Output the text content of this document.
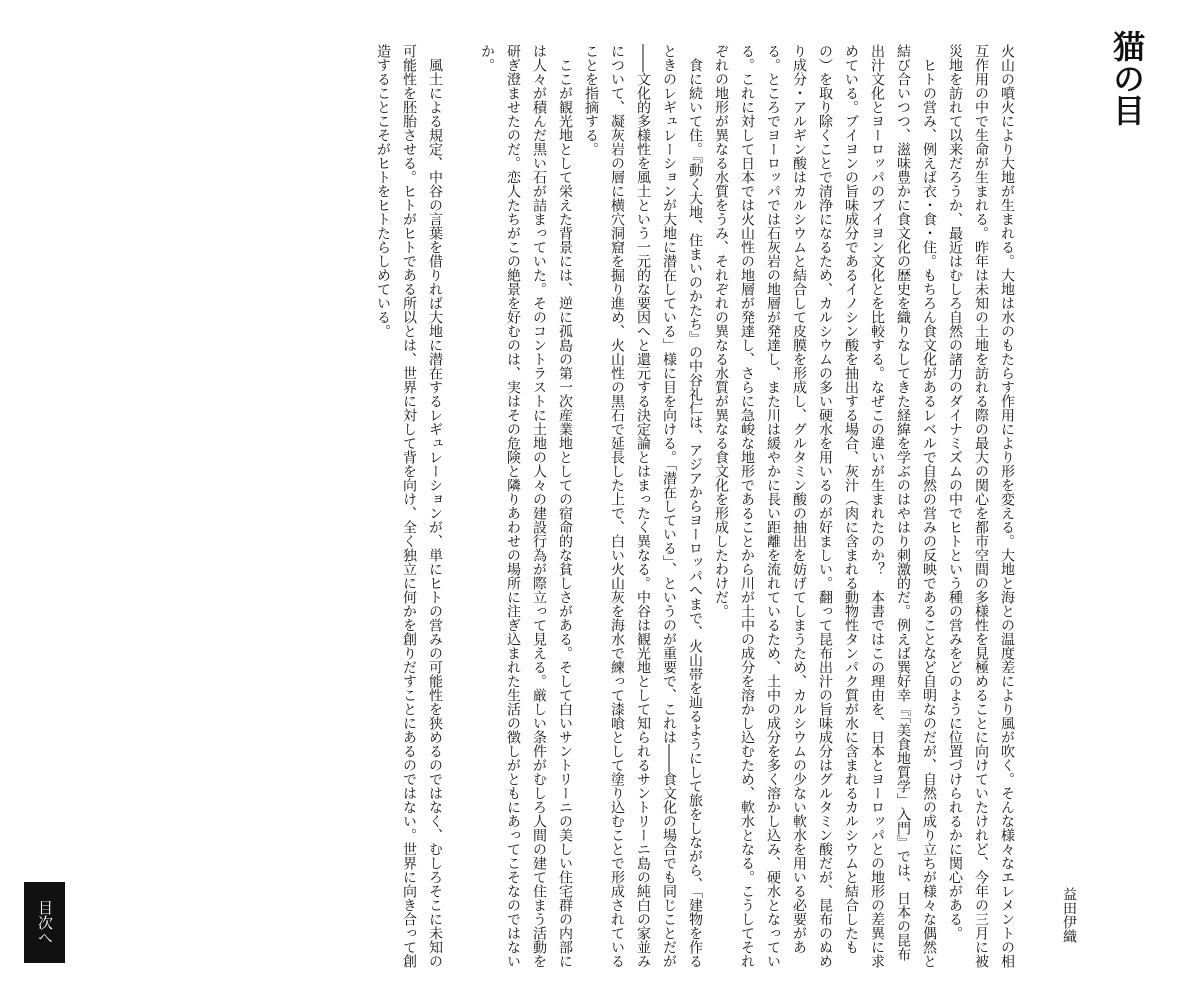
猫の目
益田伊織

火山の噴火により大地が生まれる。大地は水のもたらす作用により形を変える。大地と海との温度差により風が吹く。そんな様々なエレメントの相互作用の中で生命が生まれる。昨年は未知の土地を訪れる際の最大の関心を都市空間の多様性を見極めることに向けていたけれど、今年の三月に被災地を訪れて以来だろうか、最近はむしろ自然の諸力のダイナミズムの中でヒトという種の営みをどのように位置づけられるかに関心がある。

ヒトの営み、例えば衣・食・住。もちろん食文化があるレベルで自然の営みの反映であることなど自明なのだが、自然の成り立ちが様々な偶然と結び合いつつ、滋味豊かに食文化の歴史を織りなしてきた経緯を学ぶのはやはり刺激的だ。例えば巽好幸『「美食地質学」入門』では、日本の昆布出汁文化とヨーロッパのブイヨン文化とを比較する。なぜこの違いが生まれたのか？　本書ではこの理由を、日本とヨーロッパとの地形の差異に求めている。ブイヨンの旨味成分であるイノシン酸を抽出する場合、灰汁（肉に含まれる動物性タンパク質が水に含まれるカルシウムと結合したもの）を取り除くことで清浄になるため、カルシウムの多い硬水を用いるのが好ましい。翻って昆布出汁の旨味成分はグルタミン酸だが、昆布のぬめり成分・アルギン酸はカルシウムと結合して皮膜を形成し、グルタミン酸の抽出を妨げてしまうため、カルシウムの少ない軟水を用いる必要がある。ところでヨーロッパでは石灰岩の地層が発達し、また川は緩やかに長い距離を流れているため、土中の成分を多く溶かし込み、硬水となっている。これに対して日本では火山性の地層が発達し、さらに急峻な地形であることから川が土中の成分を溶かし込むため、軟水となる。こうしてそれぞれの地形が異なる水質をうみ、それぞれの異なる水質が異なる食文化を形成したわけだ。

食に続いて住。『動く大地、住まいのかたち』の中谷礼仁は、アジアからヨーロッパへまで、火山帯を辿るようにして旅をしながら、「建物を作るときのレギュレーションが大地に潜在している」様に目を向ける。「潜在している」、というのが重要で、これは――食文化の場合でも同じことだが――文化的多様性を風土という一元的な要因へと還元する決定論とはまったく異なる。中谷は観光地として知られるサントリーニ島の純白の家並みについて、凝灰岩の層に横穴洞窟を掘り進め、火山性の黒石で延長した上で、白い火山灰を海水で練って漆喰として塗り込むことで形成されていることを指摘する。

ここが観光地として栄えた背景には、逆に孤島の第一次産業地としての宿命的な貧しさがある。そして白いサントリーニの美しい住宅群の内部には人々が積んだ黒い石が詰まっていた。そのコントラストに土地の人々の建設行為が際立って見える。厳しい条件がむしろ人間の建て住まう活動を研ぎ澄ませたのだ。恋人たちがこの絶景を好むのは、実はその危険と隣りあわせの場所に注ぎ込まれた生活の徴しがともにあってこそなのではないか。

風土による規定、中谷の言葉を借りれば大地に潜在するレギュレーションが、単にヒトの営みの可能性を狭めるのではなく、むしろそこに未知の可能性を胚胎させる。ヒトがヒトである所以とは、世界に対して背を向け、全く独立に何かを創りだすことにあるのではない。世界に向き合って創造することこそがヒトをヒトたらしめている。

目次へ
